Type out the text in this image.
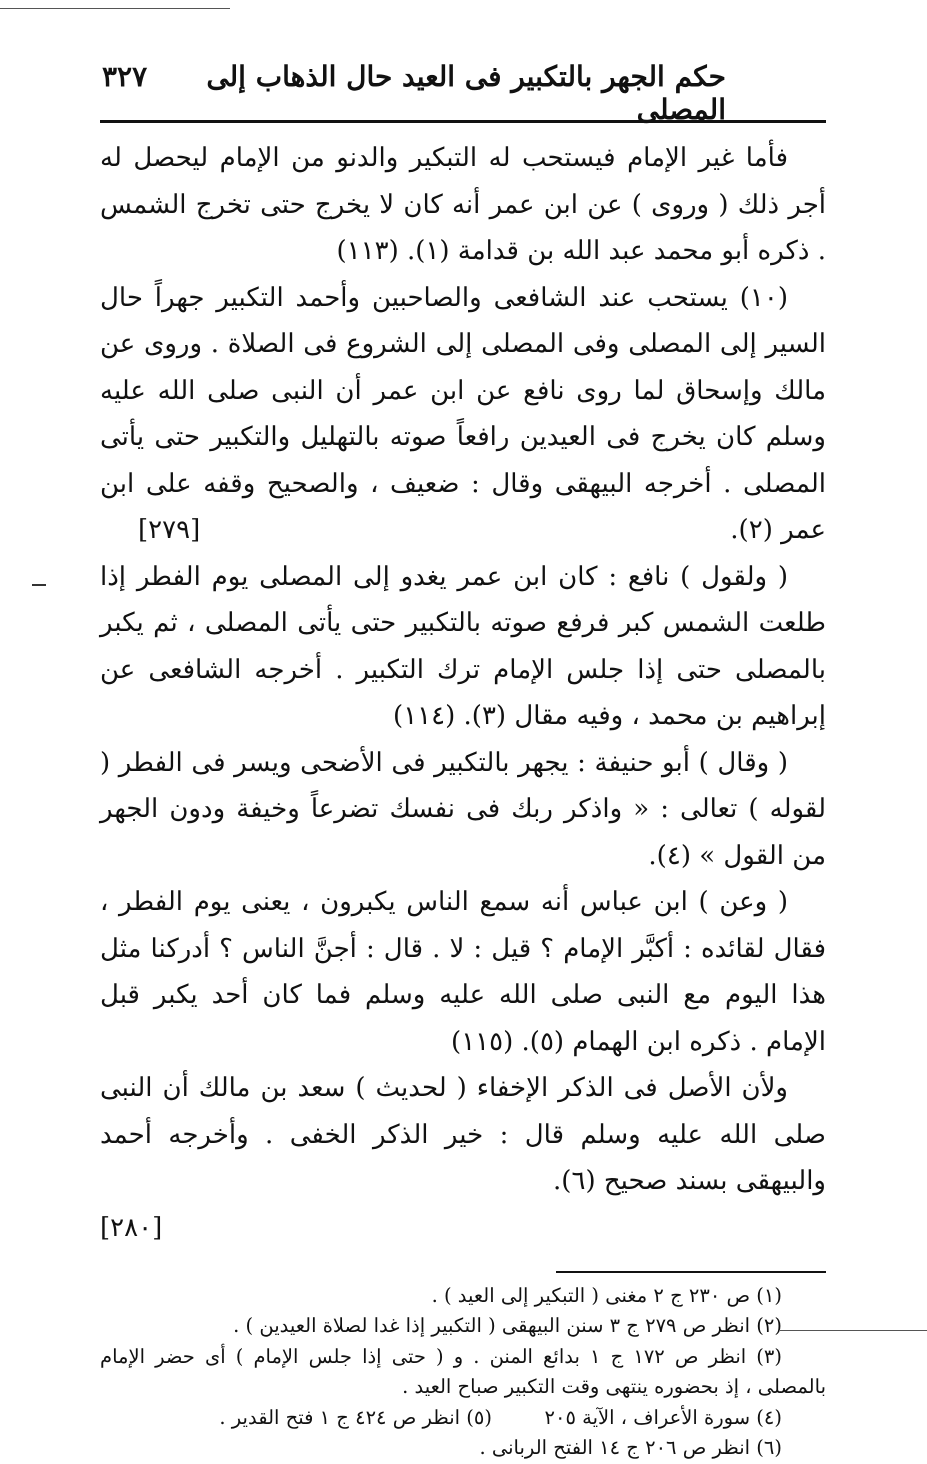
حكم الجهر بالتكبير فى العيد حال الذهاب إلى المصلى
٣٢٧

فأما غير الإمام فيستحب له التبكير والدنو من الإمام ليحصل له أجر ذلك ( وروى ) عن ابن عمر أنه كان لا يخرج حتى تخرج الشمس . ذكره أبو محمد عبد الله بن قدامة (١). (١١٣)

(١٠) يستحب عند الشافعى والصاحبين وأحمد التكبير جهراً حال السير إلى المصلى وفى المصلى إلى الشروع فى الصلاة . وروى عن مالك وإسحاق لما روى نافع عن ابن عمر أن النبى صلى الله عليه وسلم كان يخرج فى العيدين رافعاً صوته بالتهليل والتكبير حتى يأتى المصلى . أخرجه البيهقى وقال : ضعيف ، والصحيح وقفه على ابن عمر (٢).
[٢٧٩]

( ولقول ) نافع : كان ابن عمر يغدو إلى المصلى يوم الفطر إذا طلعت الشمس كبر فرفع صوته بالتكبير حتى يأتى المصلى ، ثم يكبر بالمصلى حتى إذا جلس الإمام ترك التكبير . أخرجه الشافعى عن إبراهيم بن محمد ، وفيه مقال (٣). (١١٤)

( وقال ) أبو حنيفة : يجهر بالتكبير فى الأضحى ويسر فى الفطر ( لقوله ) تعالى : « واذكر ربك فى نفسك تضرعاً وخيفة ودون الجهر من القول » (٤).

( وعن ) ابن عباس أنه سمع الناس يكبرون ، يعنى يوم الفطر ، فقال لقائده : أكبَّر الإمام ؟ قيل : لا . قال : أجنَّ الناس ؟ أدركنا مثل هذا اليوم مع النبى صلى الله عليه وسلم فما كان أحد يكبر قبل الإمام . ذكره ابن الهمام (٥). (١١٥)

ولأن الأصل فى الذكر الإخفاء ( لحديث ) سعد بن مالك أن النبى صلى الله عليه وسلم قال : خير الذكر الخفى . وأخرجه أحمد والبيهقى بسند صحيح (٦).

[٢٨٠]

(١) ص ٢٣٠ ج ٢ مغنى ( التبكير إلى العيد ) .

(٢) انظر ص ٢٧٩ ج ٣ سنن البيهقى ( التكبير إذا غدا لصلاة العيدين ) .

(٣) انظر ص ١٧٢ ج ١ بدائع المنن . و ( حتى إذا جلس الإمام ) أى حضر الإمام بالمصلى ، إذ بحضوره ينتهى وقت التكبير صباح العيد .

(٤) سورة الأعراف ، الآية ٢٠٥
(٥) انظر ص ٤٢٤ ج ١ فتح القدير .

(٦) انظر ص ٢٠٦ ج ١٤ الفتح الربانى .
